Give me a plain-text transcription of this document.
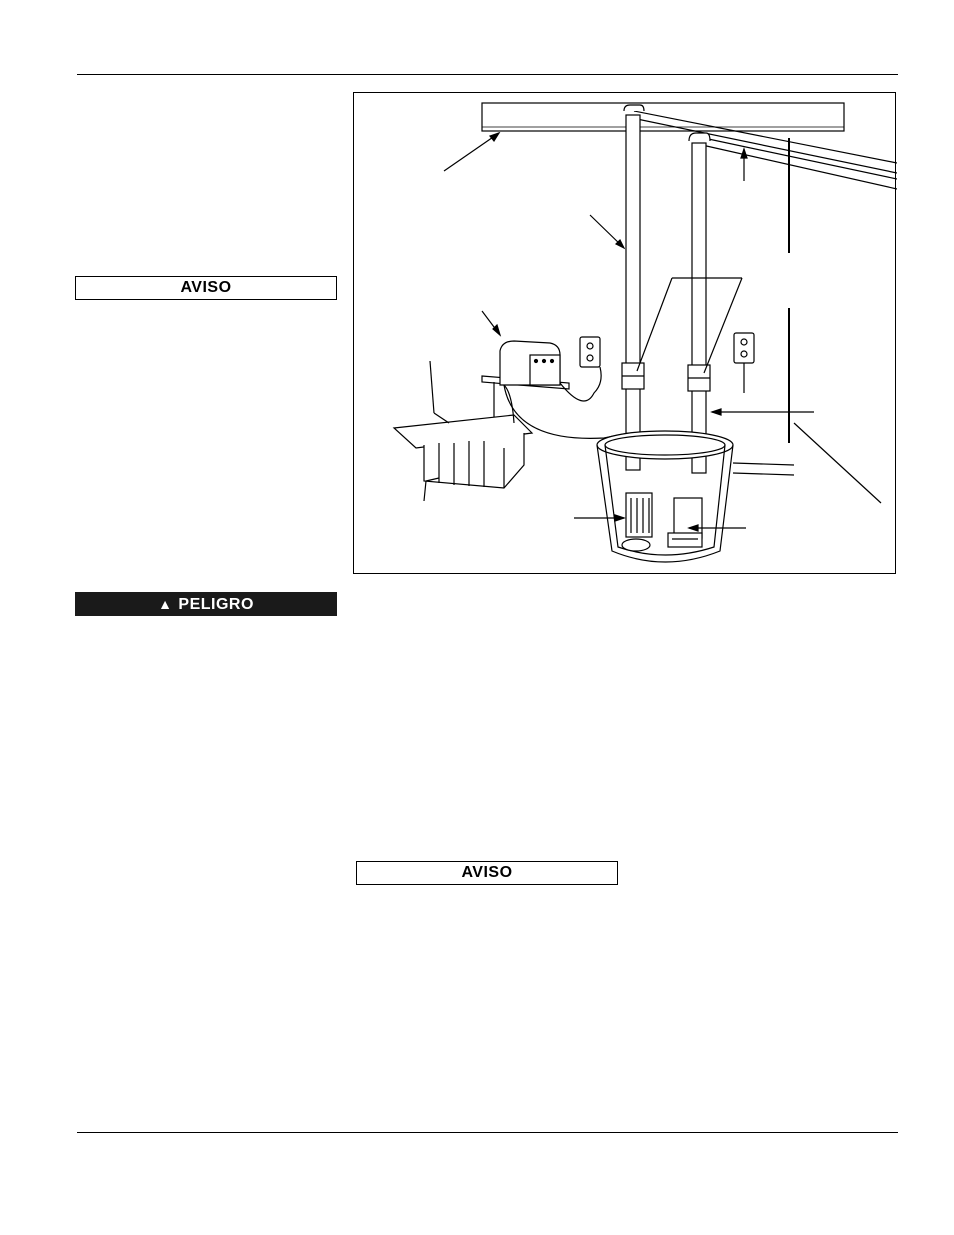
AVISO
▲ PELIGRO
AVISO
